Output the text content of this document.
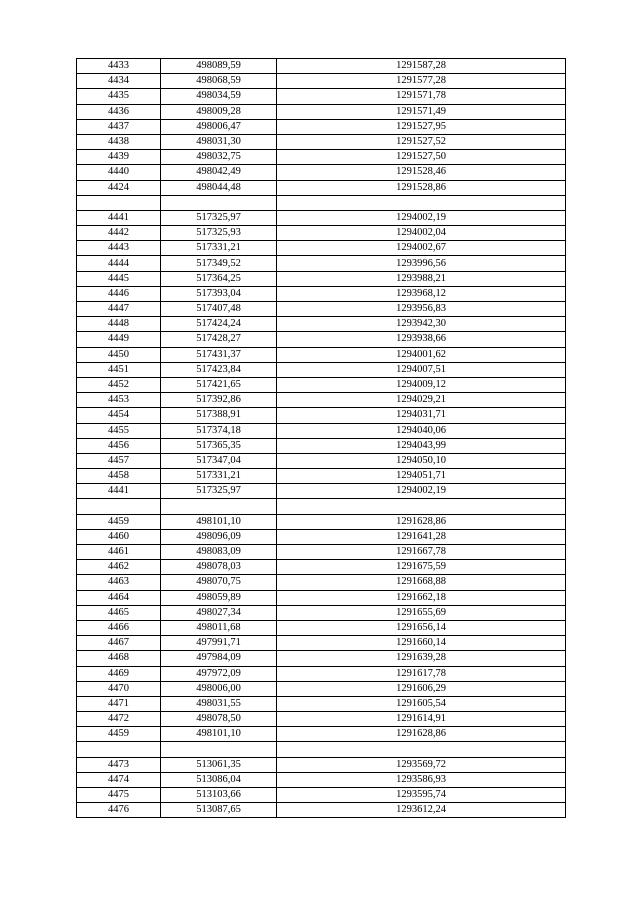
4433	498089,59	1291587,28
4434	498068,59	1291577,28
4435	498034,59	1291571,78
4436	498009,28	1291571,49
4437	498006,47	1291527,95
4438	498031,30	1291527,52
4439	498032,75	1291527,50
4440	498042,49	1291528,46
4424	498044,48	1291528,86

4441	517325,97	1294002,19
4442	517325,93	1294002,04
4443	517331,21	1294002,67
4444	517349,52	1293996,56
4445	517364,25	1293988,21
4446	517393,04	1293968,12
4447	517407,48	1293956,83
4448	517424,24	1293942,30
4449	517428,27	1293938,66
4450	517431,37	1294001,62
4451	517423,84	1294007,51
4452	517421,65	1294009,12
4453	517392,86	1294029,21
4454	517388,91	1294031,71
4455	517374,18	1294040,06
4456	517365,35	1294043,99
4457	517347,04	1294050,10
4458	517331,21	1294051,71
4441	517325,97	1294002,19

4459	498101,10	1291628,86
4460	498096,09	1291641,28
4461	498083,09	1291667,78
4462	498078,03	1291675,59
4463	498070,75	1291668,88
4464	498059,89	1291662,18
4465	498027,34	1291655,69
4466	498011,68	1291656,14
4467	497991,71	1291660,14
4468	497984,09	1291639,28
4469	497972,09	1291617,78
4470	498006,00	1291606,29
4471	498031,55	1291605,54
4472	498078,50	1291614,91
4459	498101,10	1291628,86

4473	513061,35	1293569,72
4474	513086,04	1293586,93
4475	513103,66	1293595,74
4476	513087,65	1293612,24
